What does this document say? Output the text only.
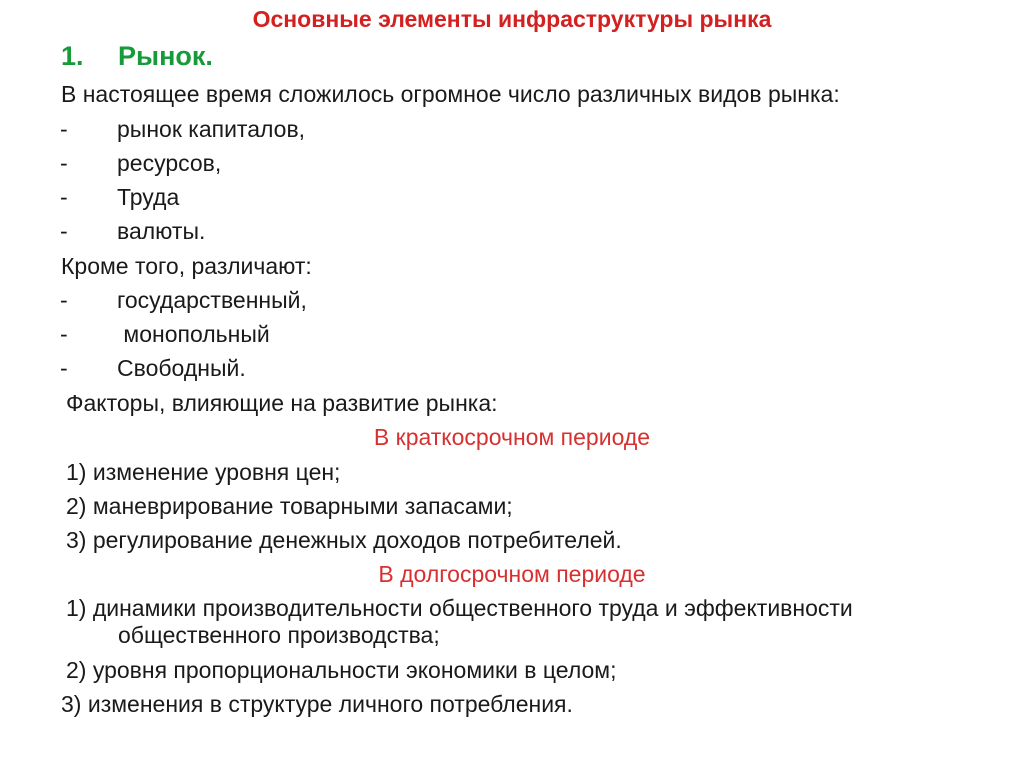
Основные элементы инфраструктуры рынка
1. Рынок.
В настоящее время сложилось огромное число различных видов рынка:
- рынок капиталов,
- ресурсов,
- Труда
- валюты.
Кроме того, различают:
- государственный,
- монопольный
- Свободный.
Факторы, влияющие на развитие рынка:
В краткосрочном периоде
1) изменение уровня цен;
2) маневрирование товарными запасами;
3) регулирование денежных доходов потребителей.
В долгосрочном периоде
1) динамики производительности общественного труда и эффективности
общественного производства;
2) уровня пропорциональности экономики в целом;
3) изменения в структуре личного потребления.
